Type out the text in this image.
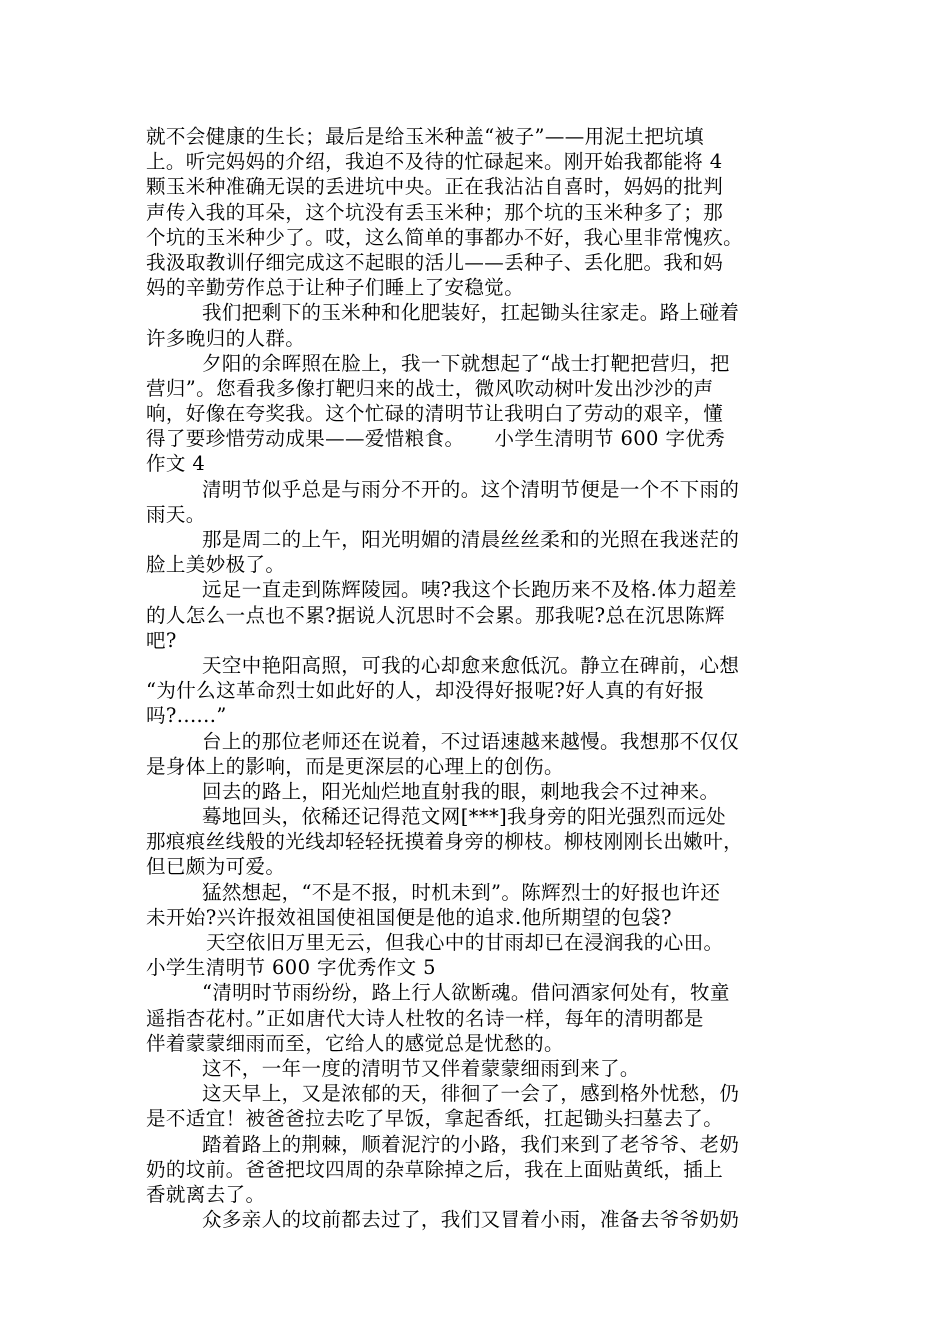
就不会健康的生长；最后是给玉米种盖“被子”——用泥土把坑填
上。听完妈妈的介绍，我迫不及待的忙碌起来。刚开始我都能将 4
颗玉米种准确无误的丢进坑中央。正在我沾沾自喜时，妈妈的批判
声传入我的耳朵，这个坑没有丢玉米种；那个坑的玉米种多了；那
个坑的玉米种少了。哎，这么简单的事都办不好，我心里非常愧疚。
我汲取教训仔细完成这不起眼的活儿——丢种子、丢化肥。我和妈
妈的辛勤劳作总于让种子们睡上了安稳觉。
我们把剩下的玉米种和化肥装好，扛起锄头往家走。路上碰着
许多晚归的人群。
夕阳的余晖照在脸上，我一下就想起了“战士打靶把营归，把
营归”。您看我多像打靶归来的战士，微风吹动树叶发出沙沙的声
响，好像在夸奖我。这个忙碌的清明节让我明白了劳动的艰辛，懂
得了要珍惜劳动成果——爱惜粮食。　　小学生清明节 600 字优秀
作文 4
清明节似乎总是与雨分不开的。这个清明节便是一个不下雨的
雨天。
那是周二的上午，阳光明媚的清晨丝丝柔和的光照在我迷茫的
脸上美妙极了。
远足一直走到陈辉陵园。咦?我这个长跑历来不及格.体力超差
的人怎么一点也不累?据说人沉思时不会累。那我呢?总在沉思陈辉
吧?
天空中艳阳高照，可我的心却愈来愈低沉。静立在碑前，心想
“为什么这革命烈士如此好的人，却没得好报呢?好人真的有好报
吗?......”
台上的那位老师还在说着，不过语速越来越慢。我想那不仅仅
是身体上的影响，而是更深层的心理上的创伤。
回去的路上，阳光灿烂地直射我的眼，刺地我会不过神来。
蓦地回头，依稀还记得范文网[***]我身旁的阳光强烈而远处
那痕痕丝线般的光线却轻轻抚摸着身旁的柳枝。柳枝刚刚长出嫩叶，
但已颇为可爱。
猛然想起，“不是不报，时机未到”。陈辉烈士的好报也许还
未开始?兴许报效祖国使祖国便是他的追求.他所期望的包袋?
天空依旧万里无云，但我心中的甘雨却已在浸润我的心田。
小学生清明节 600 字优秀作文 5
“清明时节雨纷纷，路上行人欲断魂。借问酒家何处有，牧童
遥指杏花村。”正如唐代大诗人杜牧的名诗一样，每年的清明都是
伴着蒙蒙细雨而至，它给人的感觉总是忧愁的。
这不，一年一度的清明节又伴着蒙蒙细雨到来了。
这天早上，又是浓郁的天，徘徊了一会了，感到格外忧愁，仍
是不适宜！被爸爸拉去吃了早饭，拿起香纸，扛起锄头扫墓去了。
踏着路上的荆棘，顺着泥泞的小路，我们来到了老爷爷、老奶
奶的坟前。爸爸把坟四周的杂草除掉之后，我在上面贴黄纸，插上
香就离去了。
众多亲人的坟前都去过了，我们又冒着小雨，准备去爷爷奶奶
